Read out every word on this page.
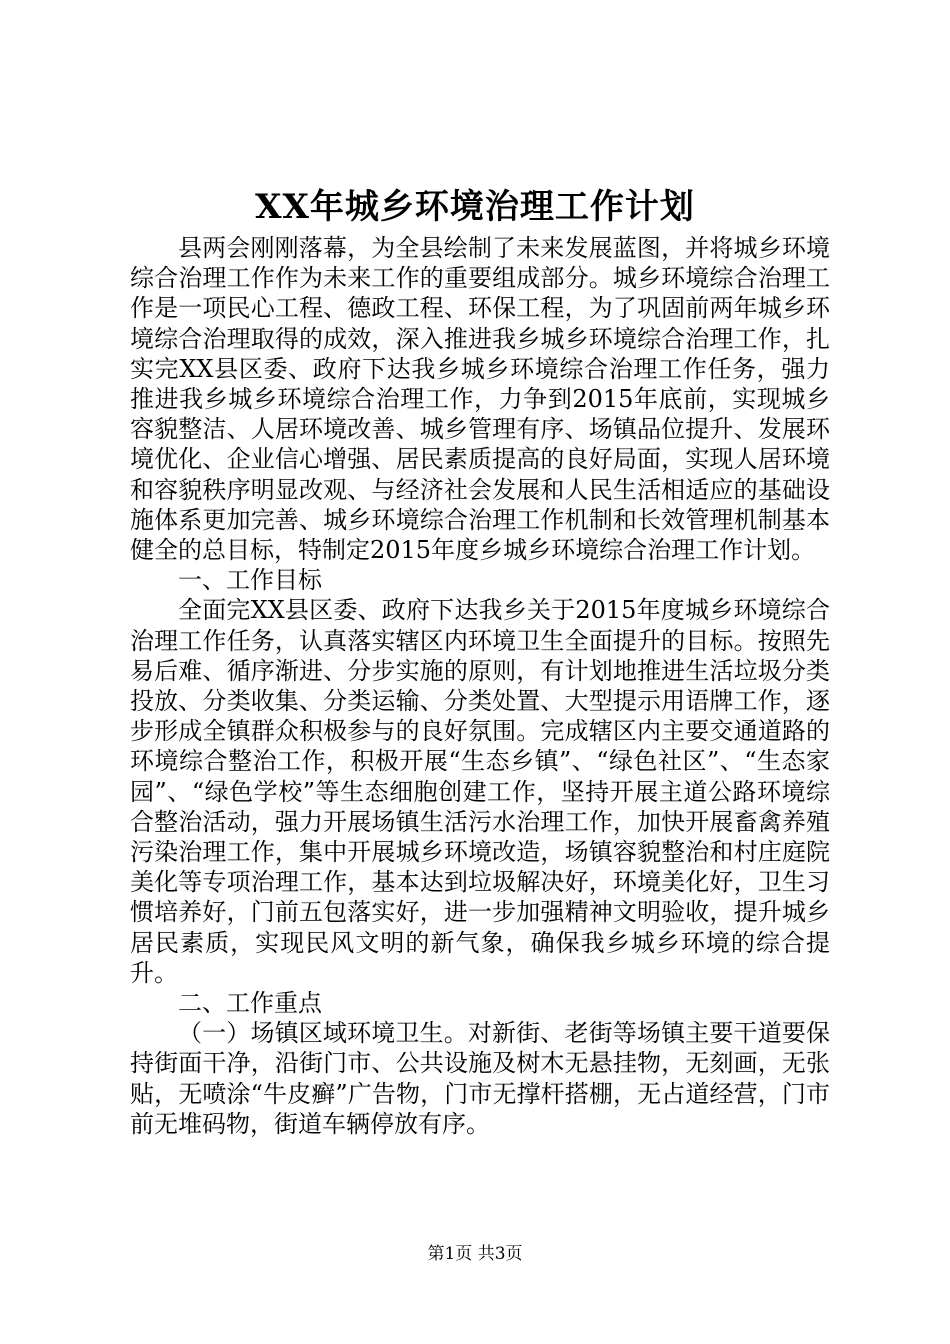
XX年城乡环境治理工作计划

县两会刚刚落幕，为全县绘制了未来发展蓝图，并将城乡环境综合治理工作作为未来工作的重要组成部分。城乡环境综合治理工作是一项民心工程、德政工程、环保工程，为了巩固前两年城乡环境综合治理取得的成效，深入推进我乡城乡环境综合治理工作，扎实完XX县区委、政府下达我乡城乡环境综合治理工作任务，强力推进我乡城乡环境综合治理工作，力争到2015年底前，实现城乡容貌整洁、人居环境改善、城乡管理有序、场镇品位提升、发展环境优化、企业信心增强、居民素质提高的良好局面，实现人居环境和容貌秩序明显改观、与经济社会发展和人民生活相适应的基础设施体系更加完善、城乡环境综合治理工作机制和长效管理机制基本健全的总目标，特制定2015年度乡城乡环境综合治理工作计划。

一、工作目标

全面完XX县区委、政府下达我乡关于2015年度城乡环境综合治理工作任务，认真落实辖区内环境卫生全面提升的目标。按照先易后难、循序渐进、分步实施的原则，有计划地推进生活垃圾分类投放、分类收集、分类运输、分类处置、大型提示用语牌工作，逐步形成全镇群众积极参与的良好氛围。完成辖区内主要交通道路的环境综合整治工作，积极开展“生态乡镇”、“绿色社区”、“生态家园”、“绿色学校”等生态细胞创建工作，坚持开展主道公路环境综合整治活动，强力开展场镇生活污水治理工作，加快开展畜禽养殖污染治理工作，集中开展城乡环境改造，场镇容貌整治和村庄庭院美化等专项治理工作，基本达到垃圾解决好，环境美化好，卫生习惯培养好，门前五包落实好，进一步加强精神文明验收，提升城乡居民素质，实现民风文明的新气象，确保我乡城乡环境的综合提升。

二、工作重点

（一）场镇区域环境卫生。对新街、老街等场镇主要干道要保持街面干净，沿街门市、公共设施及树木无悬挂物，无刻画，无张贴，无喷涂“牛皮癣”广告物，门市无撑杆搭棚，无占道经营，门市前无堆码物，街道车辆停放有序。

第1页 共3页
